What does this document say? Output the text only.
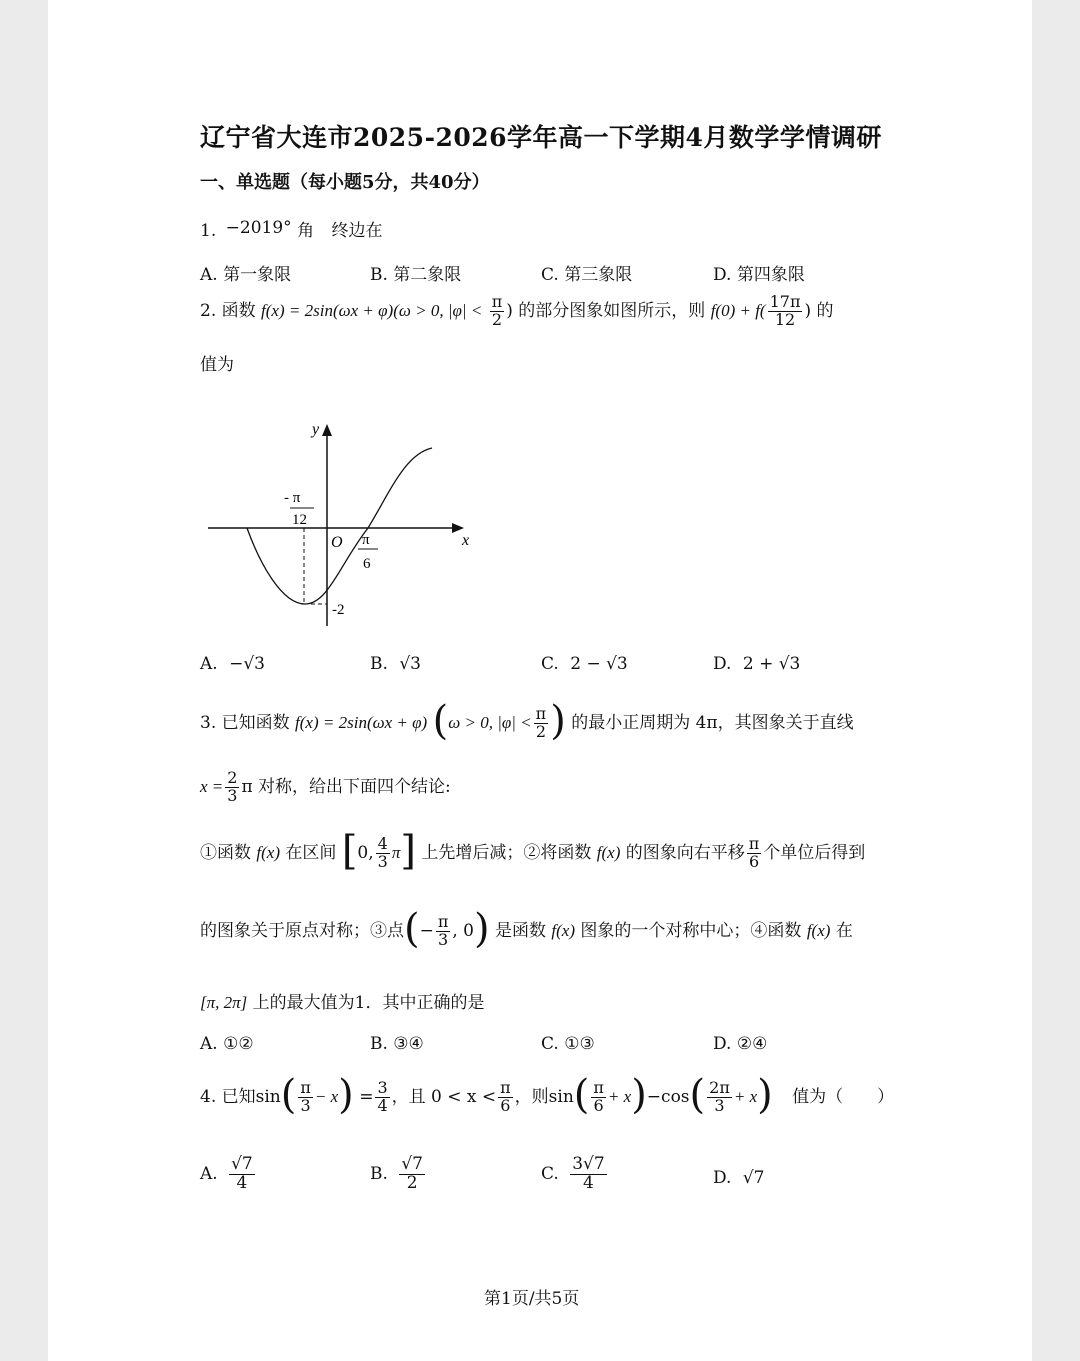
辽宁省大连市2025-2026学年高一下学期4月数学学情调研
一、单选题（每小题5分，共40分）
1. −2019° 角 终边在
A. 第一象限	B. 第二象限	C. 第三象限	D. 第四象限
2. 函数 f(x) = 2sin(ωx + φ)(ω > 0, $|\varphi| < \frac{\pi}{2}$ ) 的部分图象如图所示，则 $f(0) + f( \frac{17\pi}{12}$ ) 的
值为
y
x
O
- π
12
π
6
-2
A. −√3	B. √3	C. 2 − √3	D. 2 + √3
3. 已知函数 f(x) = 2sin(ωx + φ) (ω > 0, $|\varphi| < \frac{\pi}{2}$ ) 的最小正周期为 4π，其图象关于直线
$x = \frac{2}{3}$ π 对称，给出下面四个结论:
①函数 f(x) 在区间 [0, $\frac{4}{3} \pi$] 上先增后减；②将函数 f(x) 的图象向右平移 $\frac{\pi}{6}$ 个单位后得到
的图象关于原点对称；③点(− $\frac{\pi}{3}$ , 0) 是函数 f(x) 图象的一个对称中心；④函数 f(x) 在
[π, 2π] 上的最大值为1．其中正确的是
A. ①②	B. ③④	C. ①③	D. ②④
4. 已知$\sin( \frac{\pi}{3} - x) = \frac{3}{4}$ ，且 $0 < x < \frac{\pi}{6}$ ，则$\sin( \frac{\pi}{6} + x)-\cos( \frac{2\pi}{3} + x)$ 值为（　　）
A. $\frac{√7}{4}$	B. $\frac{√7}{2}$	C. $\frac{3√7}{4}$	D. √7
第1页/共5页
